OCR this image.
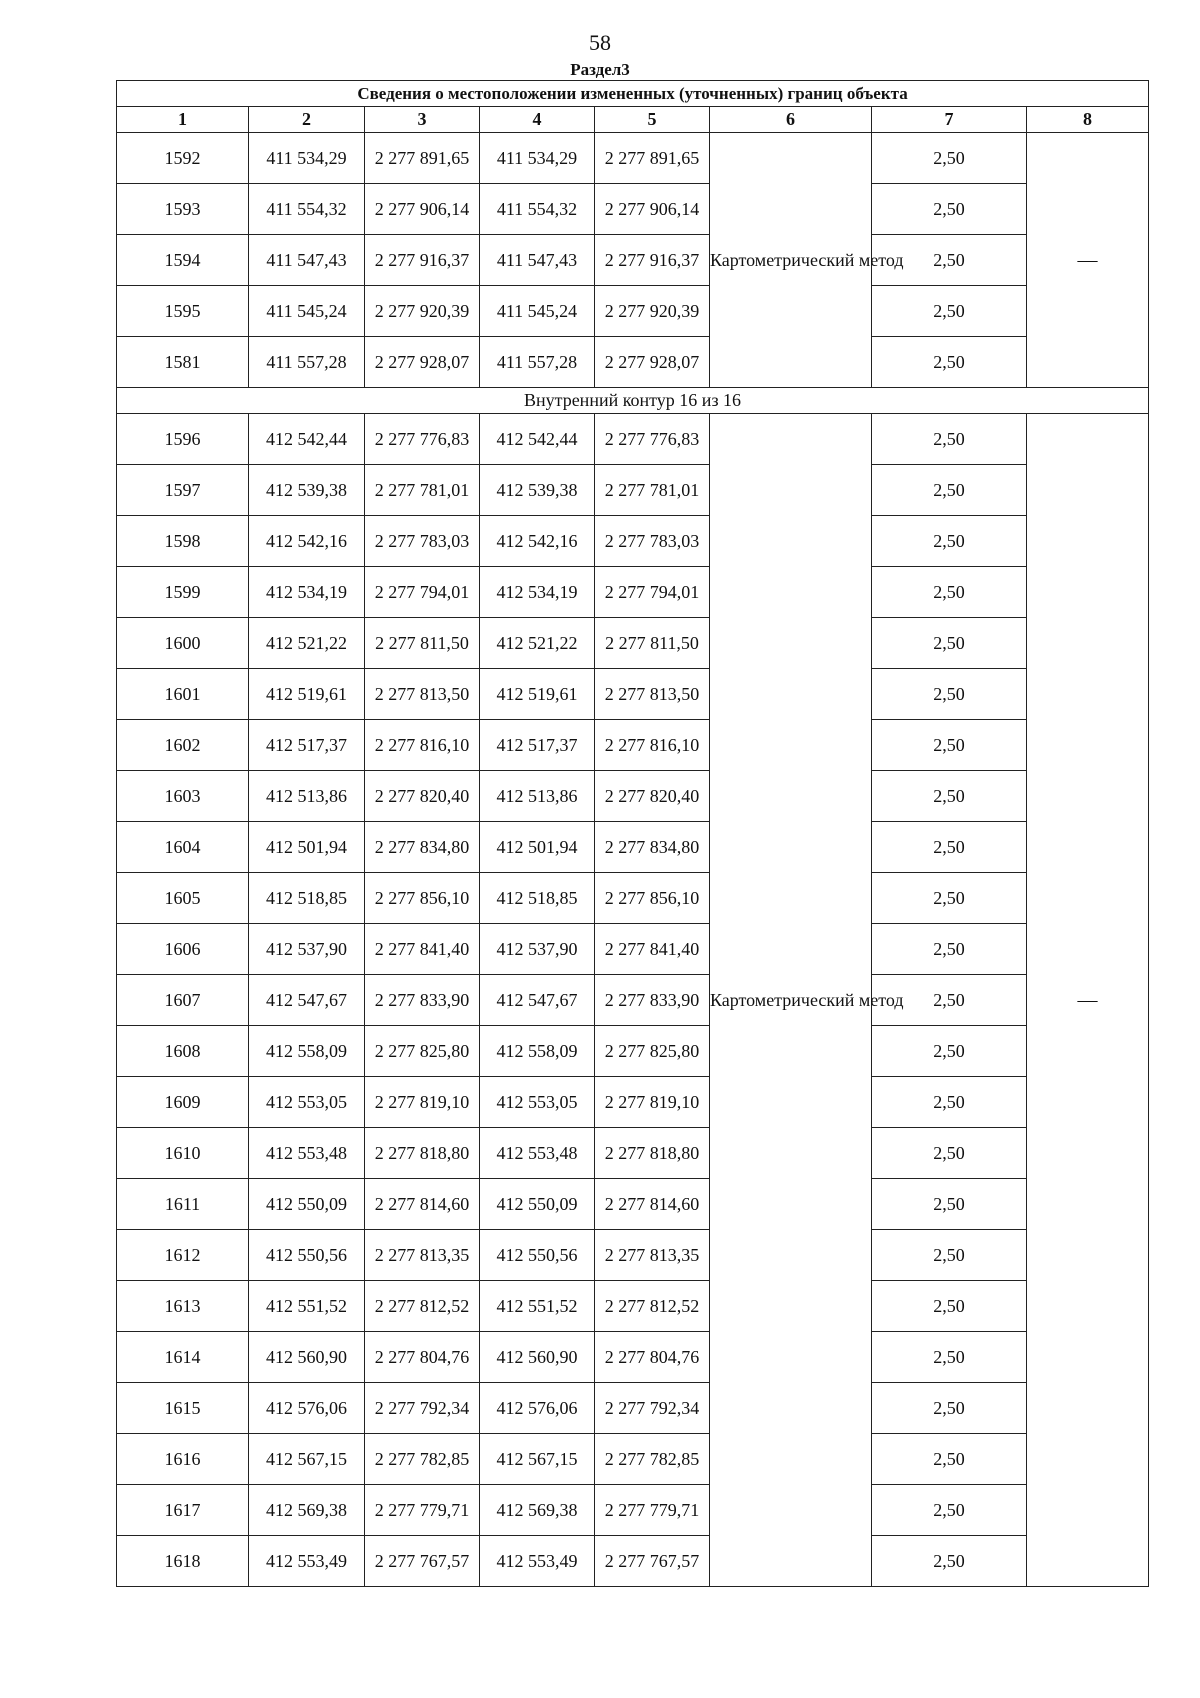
58
Раздел3
Сведения о местоположении измененных (уточненных) границ объекта							
1	2	3	4	5	6	7	8
1592	411 534,29	2 277 891,65	411 534,29	2 277 891,65	Картометрический метод	2,50	—
1593	411 554,32	2 277 906,14	411 554,32	2 277 906,14		2,50	
1594	411 547,43	2 277 916,37	411 547,43	2 277 916,37		2,50	
1595	411 545,24	2 277 920,39	411 545,24	2 277 920,39		2,50	
1581	411 557,28	2 277 928,07	411 557,28	2 277 928,07		2,50	
Внутренний контур 16 из 16							
1596	412 542,44	2 277 776,83	412 542,44	2 277 776,83	Картометрический метод	2,50	—
1597	412 539,38	2 277 781,01	412 539,38	2 277 781,01		2,50	
1598	412 542,16	2 277 783,03	412 542,16	2 277 783,03		2,50	
1599	412 534,19	2 277 794,01	412 534,19	2 277 794,01		2,50	
1600	412 521,22	2 277 811,50	412 521,22	2 277 811,50		2,50	
1601	412 519,61	2 277 813,50	412 519,61	2 277 813,50		2,50	
1602	412 517,37	2 277 816,10	412 517,37	2 277 816,10		2,50	
1603	412 513,86	2 277 820,40	412 513,86	2 277 820,40		2,50	
1604	412 501,94	2 277 834,80	412 501,94	2 277 834,80		2,50	
1605	412 518,85	2 277 856,10	412 518,85	2 277 856,10		2,50	
1606	412 537,90	2 277 841,40	412 537,90	2 277 841,40		2,50	
1607	412 547,67	2 277 833,90	412 547,67	2 277 833,90		2,50	
1608	412 558,09	2 277 825,80	412 558,09	2 277 825,80		2,50	
1609	412 553,05	2 277 819,10	412 553,05	2 277 819,10		2,50	
1610	412 553,48	2 277 818,80	412 553,48	2 277 818,80		2,50	
1611	412 550,09	2 277 814,60	412 550,09	2 277 814,60		2,50	
1612	412 550,56	2 277 813,35	412 550,56	2 277 813,35		2,50	
1613	412 551,52	2 277 812,52	412 551,52	2 277 812,52		2,50	
1614	412 560,90	2 277 804,76	412 560,90	2 277 804,76		2,50	
1615	412 576,06	2 277 792,34	412 576,06	2 277 792,34		2,50	
1616	412 567,15	2 277 782,85	412 567,15	2 277 782,85		2,50	
1617	412 569,38	2 277 779,71	412 569,38	2 277 779,71		2,50	
1618	412 553,49	2 277 767,57	412 553,49	2 277 767,57		2,50	
